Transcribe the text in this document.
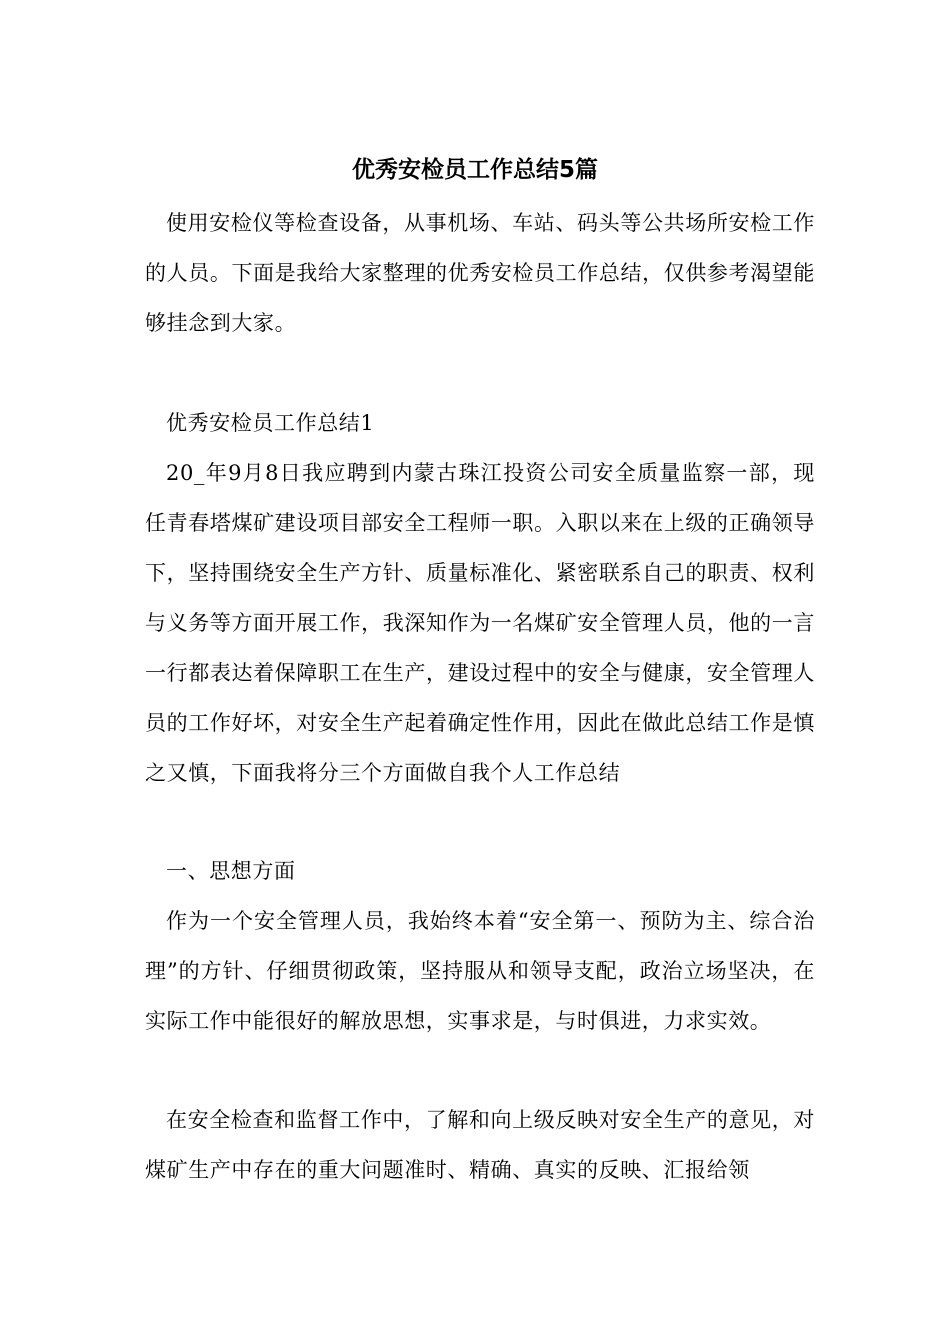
优秀安检员工作总结5篇

使用安检仪等检查设备，从事机场、车站、码头等公共场所安检工作的人员。下面是我给大家整理的优秀安检员工作总结，仅供参考渴望能够挂念到大家。

优秀安检员工作总结1

20_年9月8日我应聘到内蒙古珠江投资公司安全质量监察一部，现任青春塔煤矿建设项目部安全工程师一职。入职以来在上级的正确领导下，坚持围绕安全生产方针、质量标准化、紧密联系自己的职责、权利与义务等方面开展工作，我深知作为一名煤矿安全管理人员，他的一言一行都表达着保障职工在生产，建设过程中的安全与健康，安全管理人员的工作好坏，对安全生产起着确定性作用，因此在做此总结工作是慎之又慎，下面我将分三个方面做自我个人工作总结

一、思想方面

作为一个安全管理人员，我始终本着“安全第一、预防为主、综合治理”的方针、仔细贯彻政策，坚持服从和领导支配，政治立场坚决，在实际工作中能很好的解放思想，实事求是，与时俱进，力求实效。

在安全检查和监督工作中，了解和向上级反映对安全生产的意见，对煤矿生产中存在的重大问题准时、精确、真实的反映、汇报给领
